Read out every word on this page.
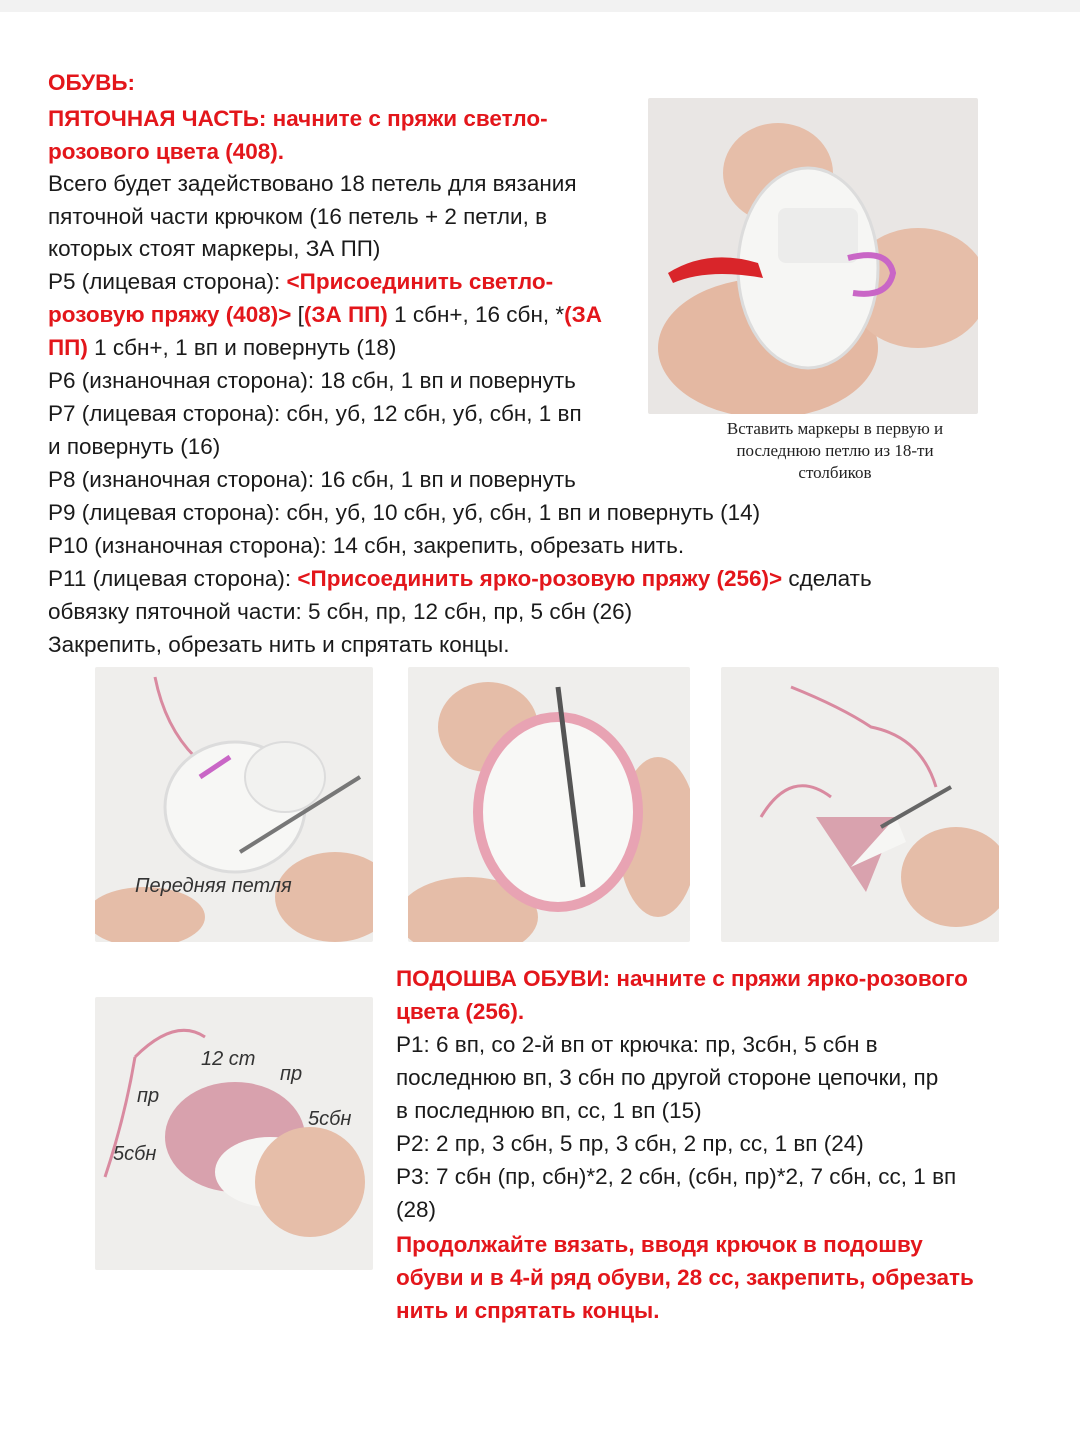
ОБУВЬ:
ПЯТОЧНАЯ ЧАСТЬ: начните с пряжи светло-
розового цвета (408).
Всего будет задействовано 18 петель для вязания
пяточной части крючком (16 петель + 2 петли, в
которых стоят маркеры, ЗА ПП)
Р5 (лицевая сторона): <Присоединить светло-
розовую пряжу (408)> [(ЗА ПП) 1 сбн+, 16 сбн, *(ЗА
ПП) 1 сбн+, 1 вп и повернуть (18)
Р6 (изнаночная сторона): 18 сбн, 1 вп и повернуть
Р7 (лицевая сторона): сбн, уб, 12 сбн, уб, сбн, 1 вп
и повернуть (16)
Р8 (изнаночная сторона): 16 сбн, 1 вп и повернуть
Р9 (лицевая сторона): сбн, уб, 10 сбн, уб, сбн, 1 вп и повернуть (14)
Р10 (изнаночная сторона): 14 сбн, закрепить, обрезать нить.
Р11 (лицевая сторона): <Присоединить ярко-розовую пряжу (256)> сделать
обвязку пяточной части: 5 сбн, пр, 12 сбн, пр, 5 сбн (26)
Закрепить, обрезать нить и спрятать концы.
Вставить маркеры в первую и
последнюю петлю из 18-ти
столбиков
Передняя петля
12 ст
пр
пр
5сбн
5сбн
ПОДОШВА ОБУВИ: начните с пряжи ярко-розового
цвета (256).
Р1: 6 вп, со 2-й вп от крючка: пр, 3сбн, 5 сбн в
последнюю вп, 3 сбн по другой стороне цепочки, пр
в последнюю вп, сс, 1 вп (15)
Р2: 2 пр, 3 сбн, 5 пр, 3 сбн, 2 пр, сс, 1 вп (24)
Р3: 7 сбн (пр, сбн)*2, 2 сбн, (сбн, пр)*2, 7 сбн, сс, 1 вп
(28)
Продолжайте вязать, вводя крючок в подошву
обуви и в 4-й ряд обуви, 28 сс, закрепить, обрезать
нить и спрятать концы.
